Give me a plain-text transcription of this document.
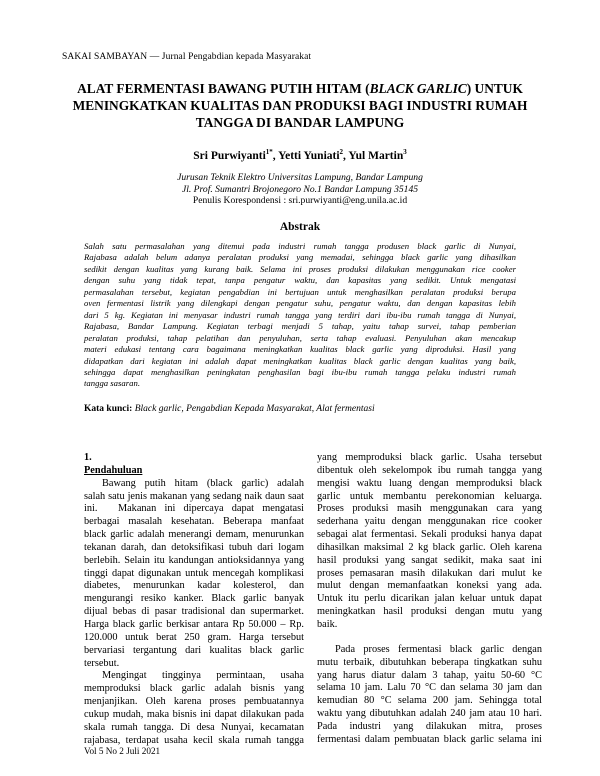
SAKAI SAMBAYAN — Jurnal Pengabdian kepada Masyarakat
ALAT FERMENTASI BAWANG PUTIH HITAM (BLACK GARLIC) UNTUK
MENINGKATKAN KUALITAS DAN PRODUKSI BAGI INDUSTRI RUMAH
TANGGA DI BANDAR LAMPUNG
Sri Purwiyanti$^{1*}$, Yetti Yuniati$^2$, Yul Martin$^3$
Jurusan Teknik Elektro Universitas Lampung, Bandar Lampung
Jl. Prof. Sumantri Brojonegoro No.1 Bandar Lampung 35145
Penulis Korespondensi : sri.purwiyanti@eng.unila.ac.id
Abstrak
Salah satu permasalahan yang ditemui pada industri rumah tangga produsen black garlic di Nunyai,
Rajabasa adalah belum adanya peralatan produksi yang memadai, sehingga black garlic yang dihasilkan
sedikit dengan kualitas yang kurang baik. Selama ini proses produksi dilakukan menggunakan rice cooker
dengan suhu yang tidak tepat, tanpa pengatur waktu, dan kapasitas yang sedikit. Untuk mengatasi
permasalahan tersebut, kegiatan pengabdian ini bertujuan untuk menghasilkan peralatan produksi berupa
oven fermentasi listrik yang dilengkapi dengan pengatur suhu, pengatur waktu, dan dengan kapasitas lebih
dari 5 kg. Kegiatan ini menyasar industri rumah tangga yang terdiri dari ibu-ibu rumah tangga di Nunyai,
Rajabasa, Bandar Lampung. Kegiatan terbagi menjadi 5 tahap, yaitu tahap survei, tahap pemberian
peralatan produksi, tahap pelatihan dan penyuluhan, serta tahap evaluasi. Penyuluhan akan mencakup
materi edukasi tentang cara bagaimana meningkatkan kualitas black garlic yang diproduksi. Hasil yang
didapatkan dari kegiatan ini adalah dapat meningkatkan kualitas black garlic dengan kualitas yang baik,
sehingga dapat menghasilkan peningkatan penghasilan bagi ibu-ibu rumah tangga pelaku industri rumah
tangga sasaran.
Kata kunci: Black garlic, Pengabdian Kepada Masyarakat, Alat fermentasi
1.
Pendahuluan
Bawang putih hitam (black garlic) adalah
salah satu jenis makanan yang sedang naik daun saat
ini.     Makanan  ini  dipercaya  dapat  mengatasi
berbagai masalah kesehatan. Beberapa manfaat
black garlic adalah menerangi demam, menurunkan
tekanan darah, dan detoksifikasi tubuh dari logam
berlebih. Selain itu kandungan antioksidannya yang
tinggi dapat digunakan untuk mencegah komplikasi
diabetes, menurunkan kadar kolesterol, dan
mengurangi resiko kanker. Black garlic banyak
dijual bebas di pasar tradisional dan supermarket.
Harga black garlic berkisar antara Rp 50.000 – Rp.
120.000 untuk berat 250 gram. Harga tersebut
bervariasi tergantung dari kualitas black garlic
tersebut.
Mengingat tingginya permintaan, usaha
memproduksi black garlic adalah bisnis yang
menjanjikan. Oleh karena proses pembuatannya
cukup mudah, maka bisnis ini dapat dilakukan pada
skala rumah tangga. Di desa Nunyai, kecamatan
rajabasa, terdapat usaha kecil skala rumah tangga
yang memproduksi black garlic. Usaha tersebut
dibentuk oleh sekelompok ibu rumah tangga yang
mengisi waktu luang dengan memproduksi black
garlic untuk membantu perekonomian keluarga.
Proses produksi masih menggunakan cara yang
sederhana yaitu dengan menggunakan rice cooker
sebagai alat fermentasi. Sekali produksi hanya dapat
dihasilkan maksimal 2 kg black garlic. Oleh karena
hasil produksi yang sangat sedikit, maka saat ini
proses pemasaran masih dilakukan dari mulut ke
mulut dengan memanfaatkan koneksi yang ada.
Untuk itu perlu dicarikan jalan keluar untuk dapat
meningkatkan hasil produksi dengan mutu yang
baik.
Pada proses fermentasi black garlic dengan
mutu terbaik, dibutuhkan beberapa tingkatkan suhu
yang harus diatur dalam 3 tahap, yaitu 50-60 °C
selama 10 jam. Lalu 70 °C dan selama 30 jam dan
kemudian 80 °C selama 200 jam. Sehingga total
waktu yang dibutuhkan adalah 240 jam atau 10 hari.
Pada industri yang dilakukan mitra, proses
fermentasi dalam pembuatan black garlic selama ini
Vol 5 No 2 Juli 2021
